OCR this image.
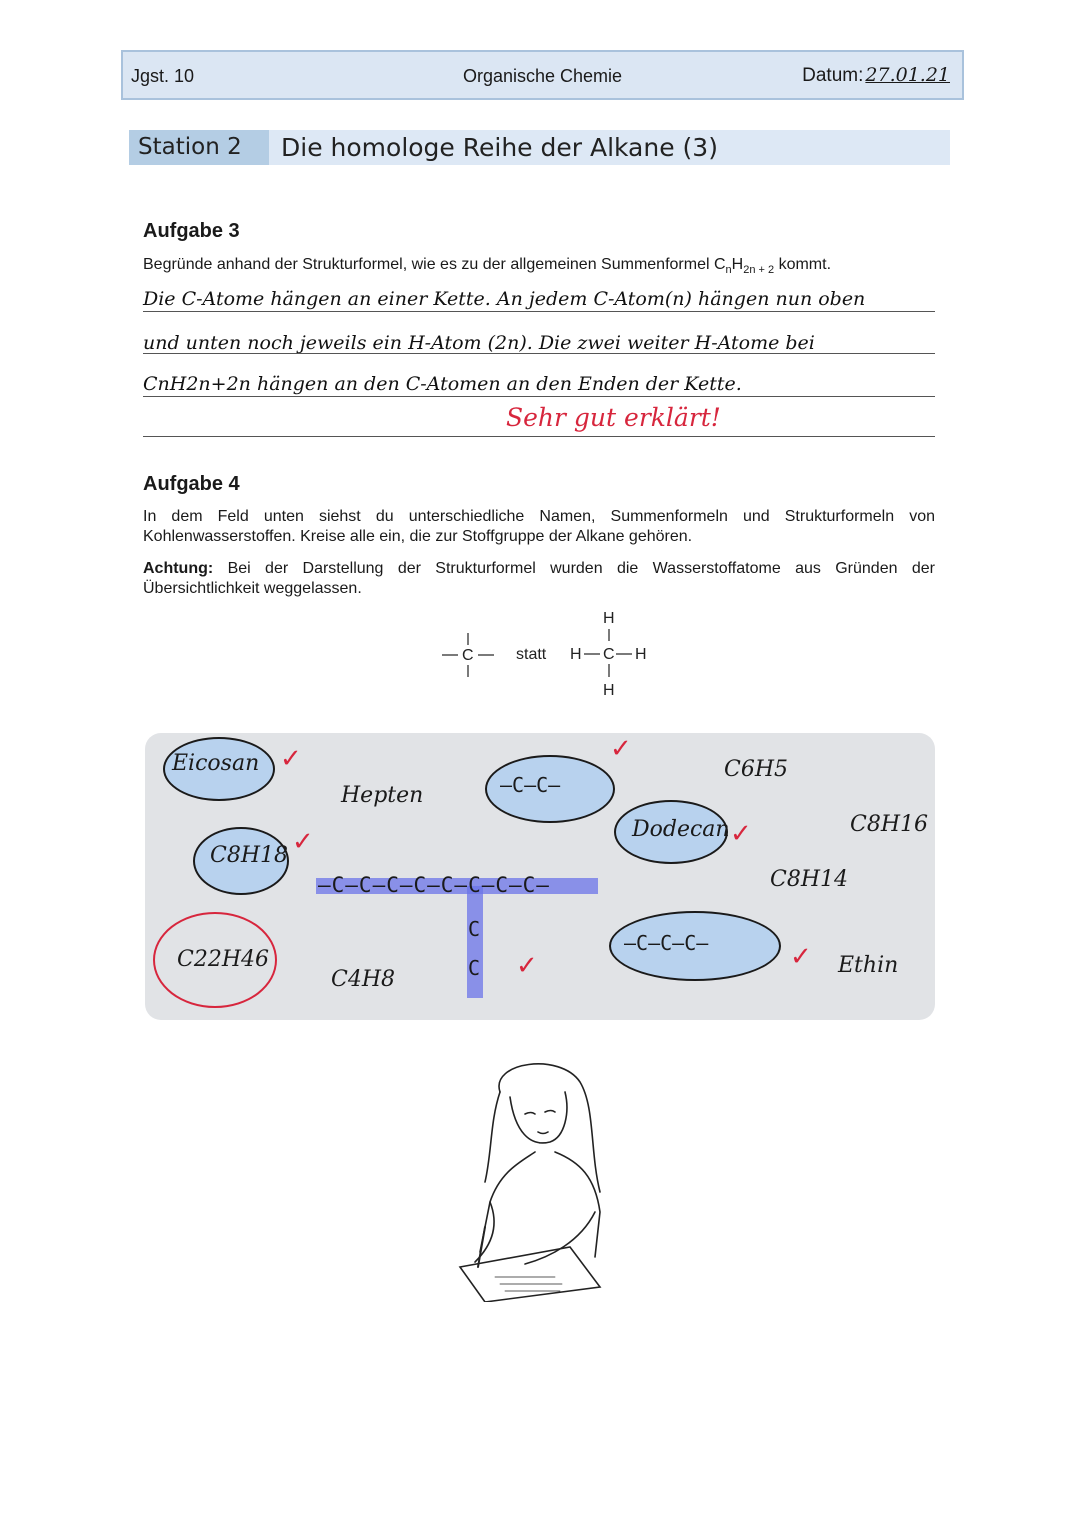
Jgst. 10	Organische Chemie	Datum: 27.01.21
Station 2	Die homologe Reihe der Alkane (3)
Aufgabe 3
Begründe anhand der Strukturformel, wie es zu der allgemeinen Summenformel $C_nH_{2n + 2}$ kommt.
Die C-Atome hängen an einer Kette. An jedem C-Atom(n) hängen nun oben
und unten noch jeweils ein H-Atom (2n). Die zwei weiter H-Atome bei
CnH2n+2n hängen an den C-Atomen an den Enden der Kette.
Sehr gut erklärt!
Aufgabe 4
In dem Feld unten siehst du unterschiedliche Namen, Summenformeln und Strukturformeln von Kohlenwasserstoffen. Kreise alle ein, die zur Stoffgruppe der Alkane gehören.
Achtung: Bei der Darstellung der Strukturformel wurden die Wasserstoffatome aus Gründen der Übersichtlichkeit weggelassen.
C	statt H C H
H
H
Eicosan ✓
C8H18 ✓
C22H46
Hepten
C4H8
–C–C–
✓
–C–C–C–C–C–C–C–C–
C
C ✓
C6H5
Dodecan ✓	C8H16
C8H14
–C–C–C–	✓ Ethin
